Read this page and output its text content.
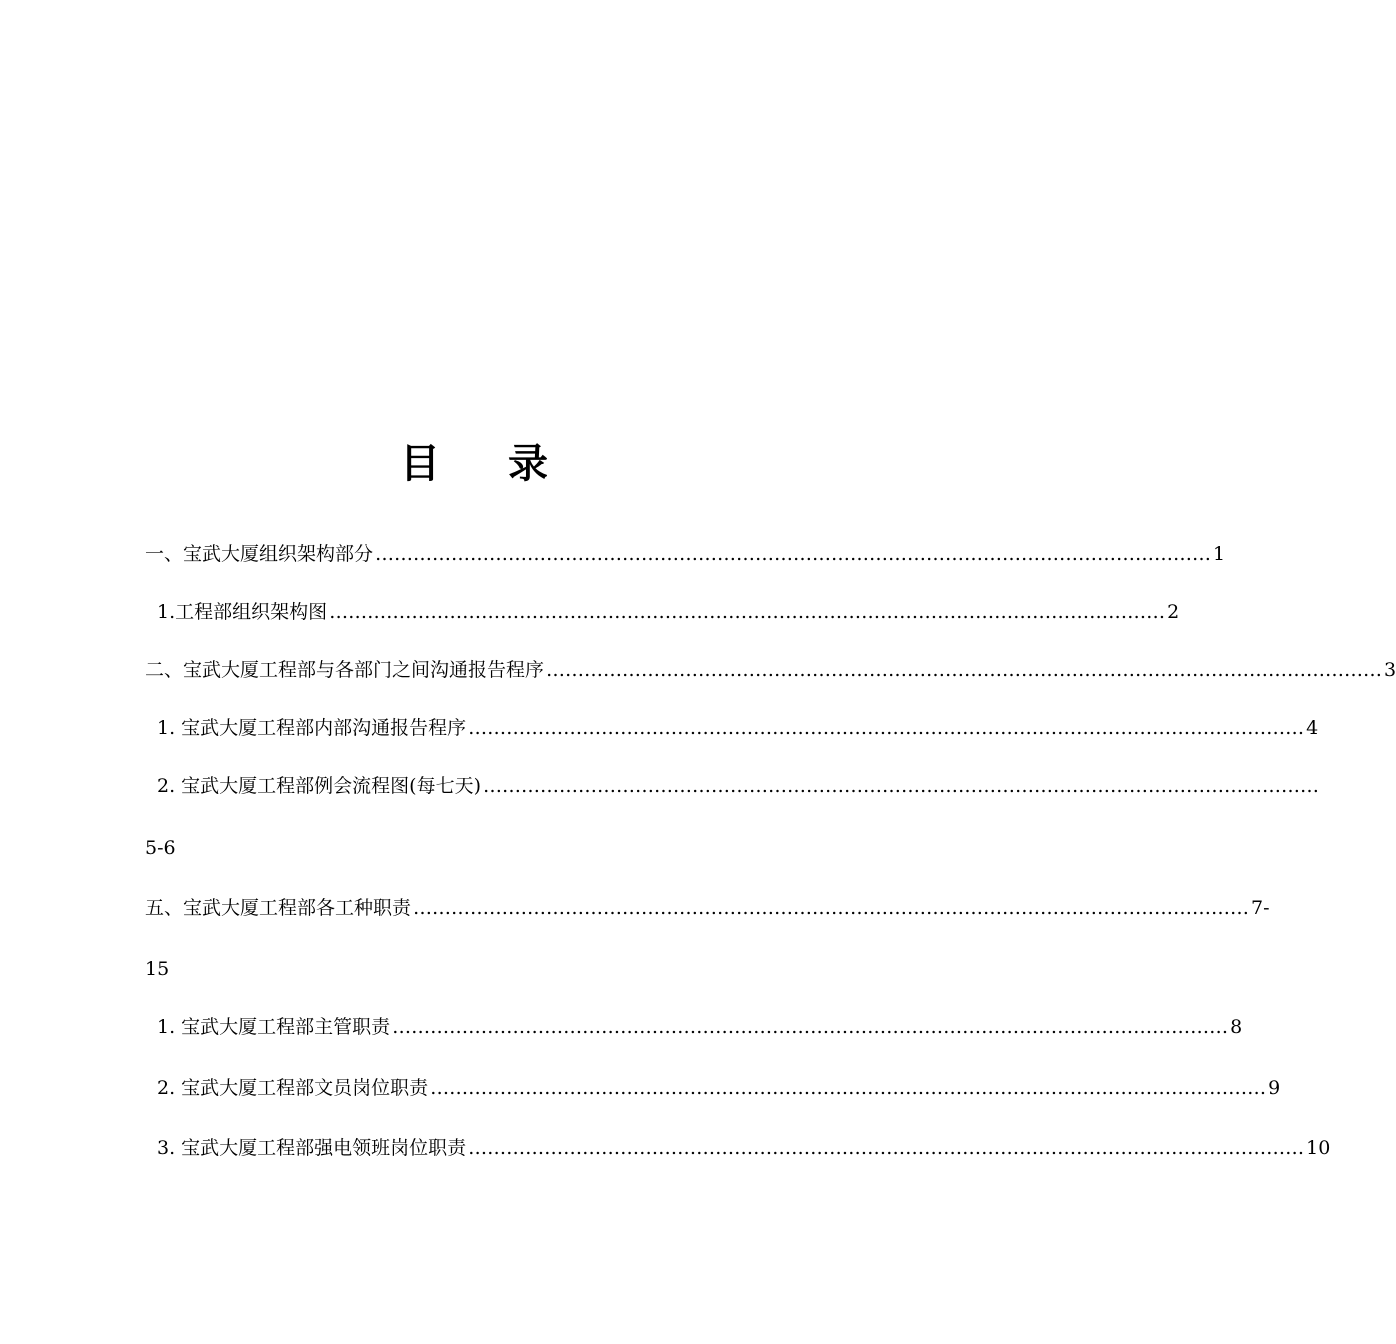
目 录
一、宝武大厦组织架构部分 …………………………………………………………………………………………………………………… 1
1.工程部组织架构图 …………………………………………………………………………………………………………………… 2
二、宝武大厦工程部与各部门之间沟通报告程序 …………………………………………………………………………………………………………………… 3
1. 宝武大厦工程部内部沟通报告程序 …………………………………………………………………………………………………………………… 4
2. 宝武大厦工程部例会流程图(每七天) ……………………………………………………………………………………………………………………
5-6
五、宝武大厦工程部各工种职责 …………………………………………………………………………………………………………………… 7-
15
1. 宝武大厦工程部主管职责 …………………………………………………………………………………………………………………… 8
2. 宝武大厦工程部文员岗位职责 …………………………………………………………………………………………………………………… 9
3. 宝武大厦工程部强电领班岗位职责 …………………………………………………………………………………………………………………… 10
